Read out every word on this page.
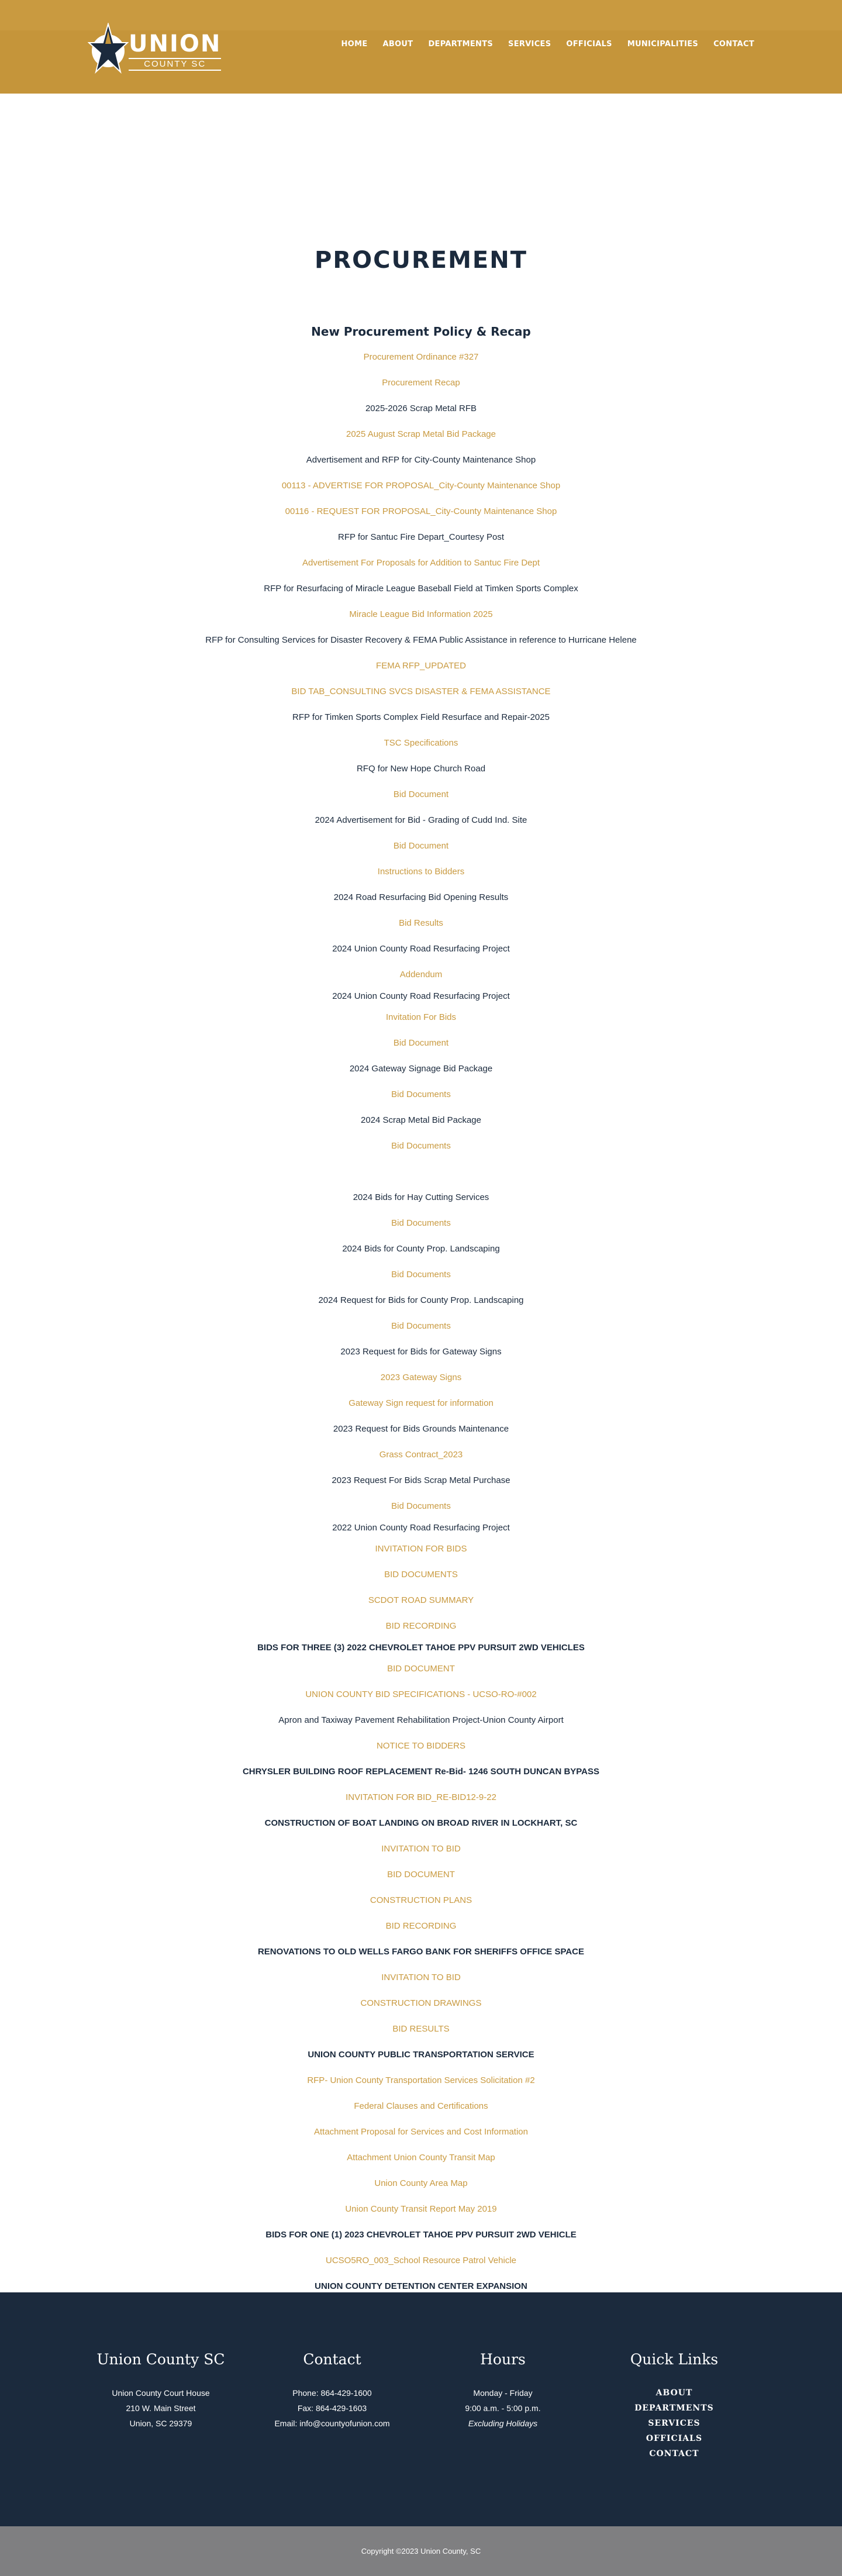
UNION
COUNTY SC
HOME ABOUT DEPARTMENTS SERVICES OFFICIALS MUNICIPALITIES CONTACT
PROCUREMENT
New Procurement Policy & Recap
Procurement Ordinance #327
Procurement Recap
2025-2026 Scrap Metal RFB
2025 August Scrap Metal Bid Package
Advertisement and RFP for City-County Maintenance Shop
00113 - ADVERTISE FOR PROPOSAL_City-County Maintenance Shop
00116 - REQUEST FOR PROPOSAL_City-County Maintenance Shop
RFP for Santuc Fire Depart_Courtesy Post
Advertisement For Proposals for Addition to Santuc Fire Dept
RFP for Resurfacing of Miracle League Baseball Field at Timken Sports Complex
Miracle League Bid Information 2025
RFP for Consulting Services for Disaster Recovery & FEMA Public Assistance in reference to Hurricane Helene
FEMA RFP_UPDATED
BID TAB_CONSULTING SVCS DISASTER & FEMA ASSISTANCE
RFP for Timken Sports Complex Field Resurface and Repair-2025
TSC Specifications
RFQ for New Hope Church Road
Bid Document
2024 Advertisement for Bid - Grading of Cudd Ind. Site
Bid Document
Instructions to Bidders
2024 Road Resurfacing Bid Opening Results
Bid Results
2024 Union County Road Resurfacing Project
Addendum
2024 Union County Road Resurfacing Project
Invitation For Bids
Bid Document
2024 Gateway Signage Bid Package
Bid Documents
2024 Scrap Metal Bid Package
Bid Documents
2024 Bids for Hay Cutting Services
Bid Documents
2024 Bids for County Prop. Landscaping
Bid Documents
2024 Request for Bids for County Prop. Landscaping
Bid Documents
2023 Request for Bids for Gateway Signs
2023 Gateway Signs
Gateway Sign request for information
2023 Request for Bids Grounds Maintenance
Grass Contract_2023
2023 Request For Bids Scrap Metal Purchase
Bid Documents
2022 Union County Road Resurfacing Project
INVITATION FOR BIDS
BID DOCUMENTS
SCDOT ROAD SUMMARY
BID RECORDING
BIDS FOR THREE (3) 2022 CHEVROLET TAHOE PPV PURSUIT 2WD VEHICLES
BID DOCUMENT
UNION COUNTY BID SPECIFICATIONS - UCSO-RO-#002
Apron and Taxiway Pavement Rehabilitation Project-Union County Airport
NOTICE TO BIDDERS
CHRYSLER BUILDING ROOF REPLACEMENT Re-Bid- 1246 SOUTH DUNCAN BYPASS
INVITATION FOR BID_RE-BID12-9-22
CONSTRUCTION OF BOAT LANDING ON BROAD RIVER IN LOCKHART, SC
INVITATION TO BID
BID DOCUMENT
CONSTRUCTION PLANS
BID RECORDING
RENOVATIONS TO OLD WELLS FARGO BANK FOR SHERIFFS OFFICE SPACE
INVITATION TO BID
CONSTRUCTION DRAWINGS
BID RESULTS
UNION COUNTY PUBLIC TRANSPORTATION SERVICE
RFP- Union County Transportation Services Solicitation #2
Federal Clauses and Certifications
Attachment Proposal for Services and Cost Information
Attachment Union County Transit Map
Union County Area Map
Union County Transit Report May 2019
BIDS FOR ONE (1) 2023 CHEVROLET TAHOE PPV PURSUIT 2WD VEHICLE
UCSO5RO_003_School Resource Patrol Vehicle
UNION COUNTY DETENTION CENTER EXPANSION
Union County SC

Union County Court House

210 W. Main Street

Union, SC 29379

Contact

Phone: 864-429-1600

Fax: 864-429-1603

Email: info@countyofunion.com

Hours

Monday - Friday

9:00 a.m. - 5:00 p.m.

Excluding Holidays

Quick Links
ABOUT
DEPARTMENTS
SERVICES
OFFICIALS
CONTACT
Copyright ©2023 Union County, SC
